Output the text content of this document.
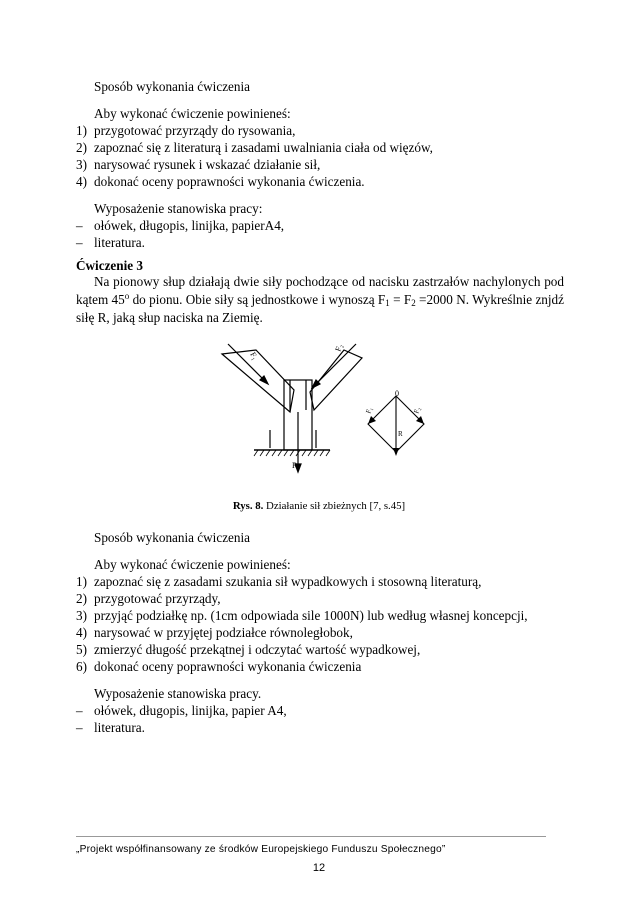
Sposób wykonania ćwiczenia
Aby wykonać ćwiczenie powinieneś:
1) przygotować przyrządy do rysowania,
2) zapoznać się z literaturą i zasadami uwalniania ciała od więzów,
3) narysować rysunek i wskazać działanie sił,
4) dokonać oceny poprawności wykonania ćwiczenia.
Wyposażenie stanowiska pracy:
– ołówek, długopis, linijka, papierA4,
– literatura.
Ćwiczenie 3
Na pionowy słup działają dwie siły pochodzące od nacisku zastrzałów nachylonych pod
kątem 45$^o$ do pionu. Obie siły są jednostkowe i wynoszą $F_1 = F_2 =2000$ N. Wykreślnie znjdź
siłę R, jaką słup naciska na Ziemię.
F₁
F₂
R
0
F₁	F₂
R
Rys. 8. Działanie sił zbieżnych [7, s.45]
Sposób wykonania ćwiczenia
Aby wykonać ćwiczenie powinieneś:
1) zapoznać się z zasadami szukania sił wypadkowych i stosowną literaturą,
2) przygotować przyrządy,
3) przyjąć podziałkę np. (1cm odpowiada sile 1000N) lub według własnej koncepcji,
4) narysować w przyjętej podziałce równoległobok,
5) zmierzyć długość przekątnej i odczytać wartość wypadkowej,
6) dokonać oceny poprawności wykonania ćwiczenia
Wyposażenie stanowiska pracy.
– ołówek, długopis, linijka, papier A4,
– literatura.
„Projekt współfinansowany ze środków Europejskiego Funduszu Społecznego”
12
